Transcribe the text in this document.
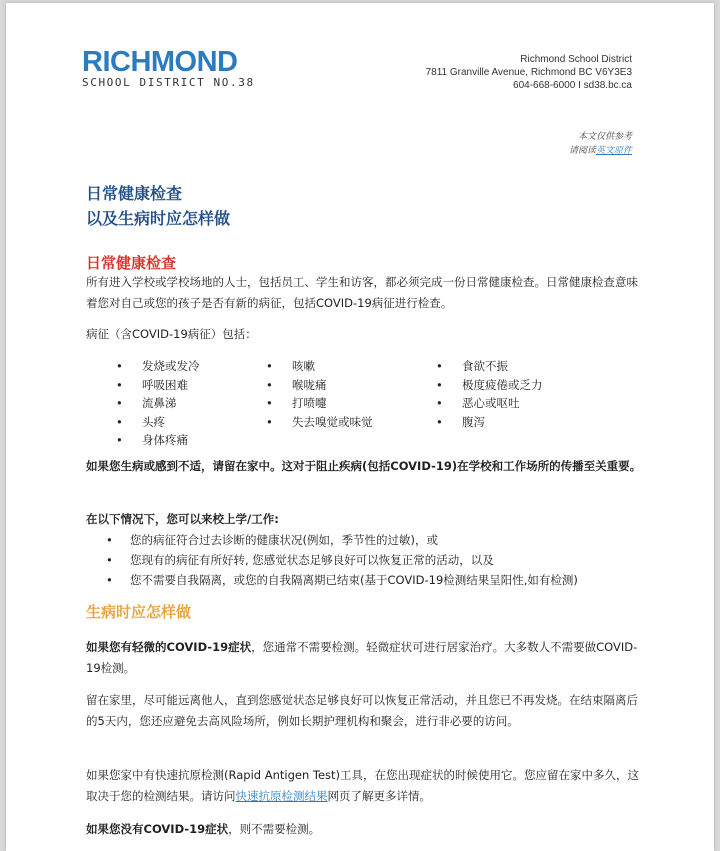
RICHMOND
SCHOOL DISTRICT NO.38
Richmond School District
7811 Granville Avenue, Richmond BC V6Y3E3
604-668-6000 I sd38.bc.ca
本文仅供参考
请阅读英文原件
日常健康检查
以及生病时应怎样做
日常健康检查
所有进入学校或学校场地的人士，包括员工、学生和访客，都必须完成一份日常健康检查。日常健康检查意味着您对自己或您的孩子是否有新的病征，包括COVID-19病征进行检查。
病征（含COVID-19病征）包括：
• 发烧或发冷
• 呼吸困难
• 流鼻涕
• 头疼
• 身体疼痛
• 咳嗽
• 喉咙痛
• 打喷嚏
• 失去嗅觉或味觉
• 食欲不振
• 极度疲倦或乏力
• 恶心或呕吐
• 腹泻
如果您生病或感到不适，请留在家中。这对于阻止疾病(包括COVID-19)在学校和工作场所的传播至关重要。
在以下情况下，您可以来校上学/工作:
• 您的病征符合过去诊断的健康状况(例如，季节性的过敏)，或
• 您现有的病征有所好转, 您感觉状态足够良好可以恢复正常的活动，以及
• 您不需要自我隔离，或您的自我隔离期已结束(基于COVID-19检测结果呈阳性,如有检测)
生病时应怎样做
如果您有轻微的COVID-19症状，您通常不需要检测。轻微症状可进行居家治疗。大多数人不需要做COVID-19检测。
留在家里，尽可能远离他人，直到您感觉状态足够良好可以恢复正常活动，并且您已不再发烧。在结束隔离后的5天内，您还应避免去高风险场所，例如长期护理机构和聚会，进行非必要的访问。
如果您家中有快速抗原检测(Rapid Antigen Test)工具，在您出现症状的时候使用它。您应留在家中多久，这取决于您的检测结果。请访问快速抗原检测结果网页了解更多详情。
如果您没有COVID-19症状，则不需要检测。
